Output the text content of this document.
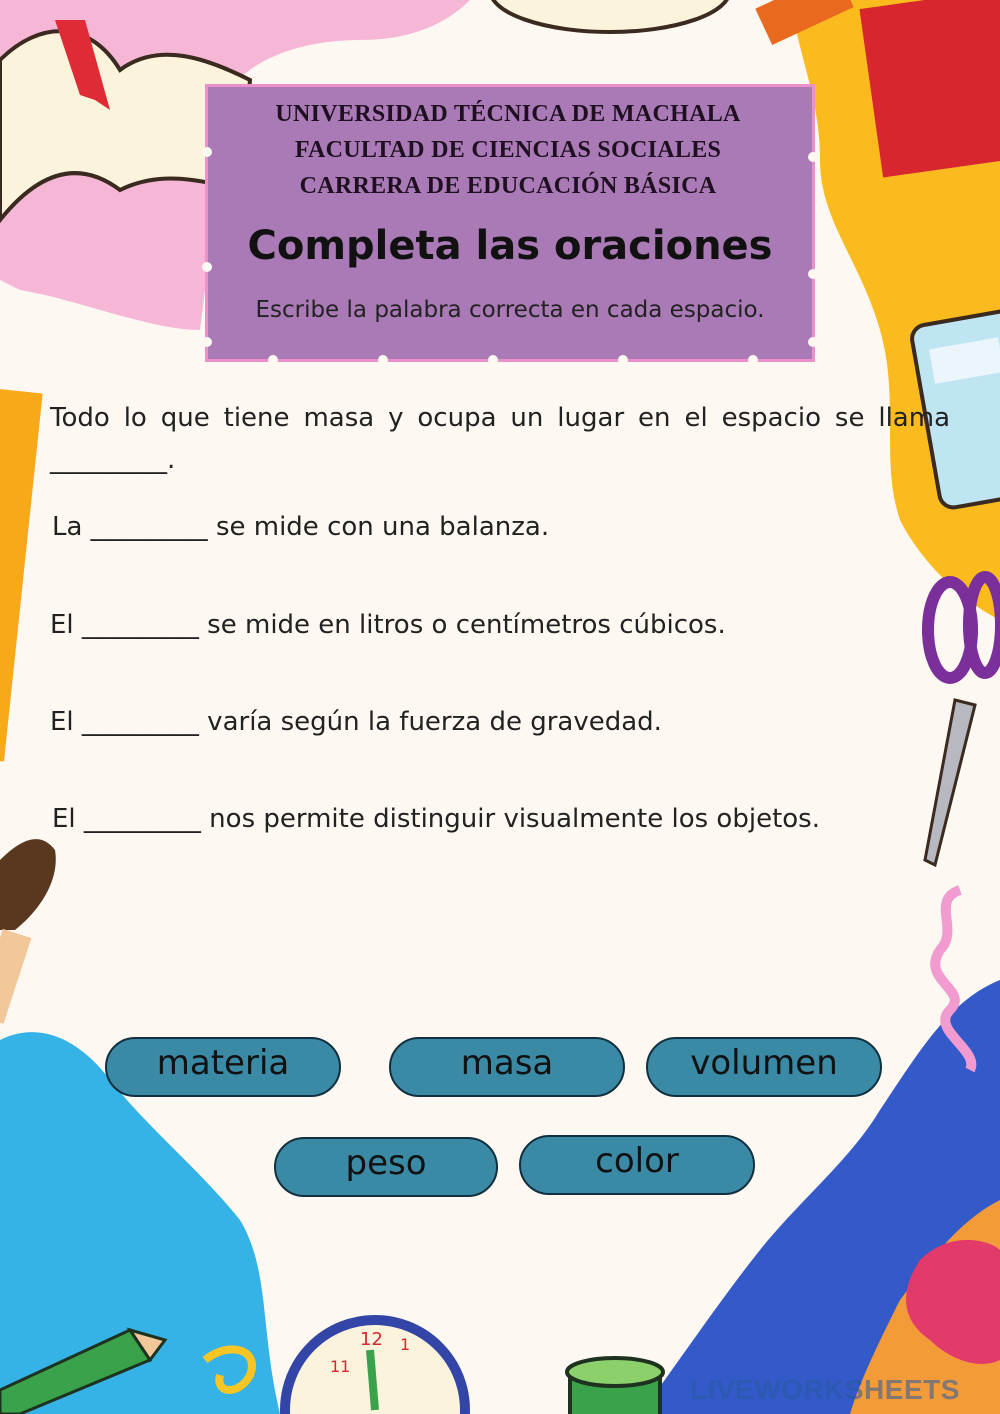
12
11
1
UNIVERSIDAD TÉCNICA DE MACHALA
FACULTAD DE CIENCIAS SOCIALES
CARRERA DE EDUCACIÓN BÁSICA
Completa las oraciones
Escribe la palabra correcta en cada espacio.
Todo lo que tiene masa y ocupa un lugar en el espacio se llama _________.
La _________ se mide con una balanza.
El _________ se mide en litros o centímetros cúbicos.
El _________ varía según la fuerza de gravedad.
El _________ nos permite distinguir visualmente los objetos.
materia	masa	volumen
peso	color
LIVEWORKSHEETS
